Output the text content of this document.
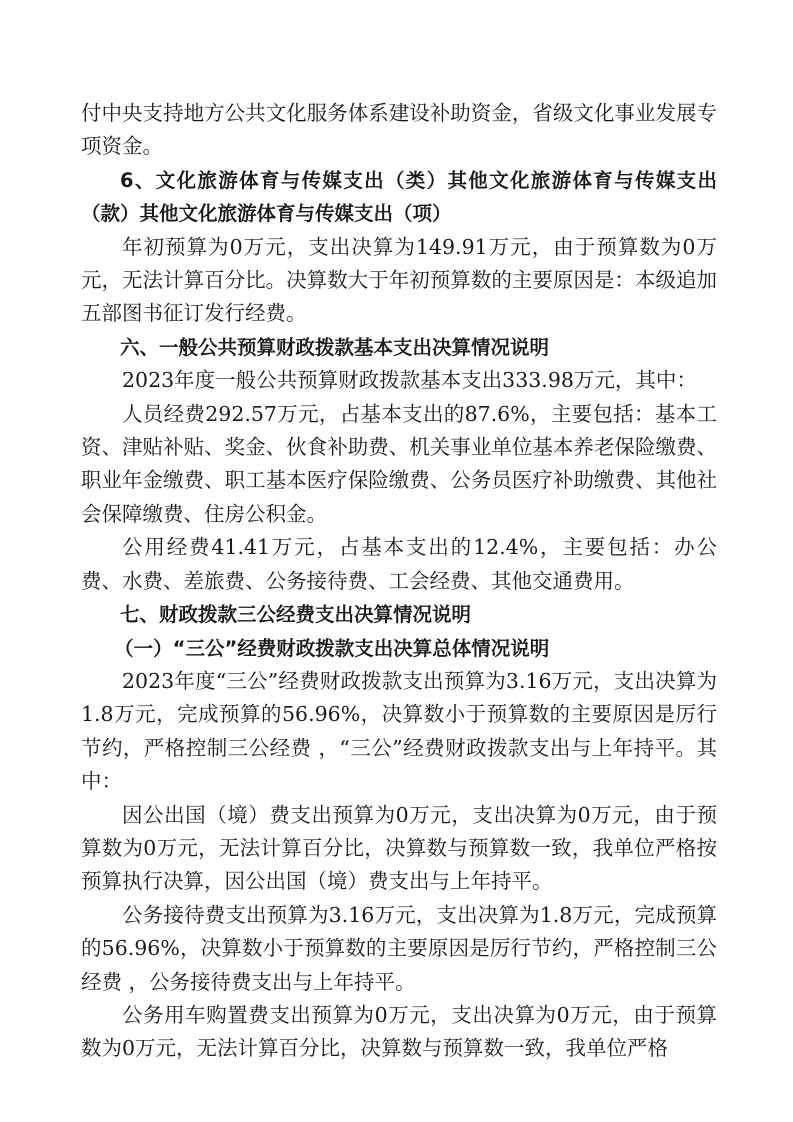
付中央支持地方公共文化服务体系建设补助资金，省级文化事业发展专项资金。

6、文化旅游体育与传媒支出（类）其他文化旅游体育与传媒支出（款）其他文化旅游体育与传媒支出（项）

年初预算为0万元，支出决算为149.91万元，由于预算数为0万元，无法计算百分比。决算数大于年初预算数的主要原因是：本级追加五部图书征订发行经费。

六、一般公共预算财政拨款基本支出决算情况说明

2023年度一般公共预算财政拨款基本支出333.98万元，其中：

人员经费292.57万元，占基本支出的87.6%，主要包括：基本工资、津贴补贴、奖金、伙食补助费、机关事业单位基本养老保险缴费、职业年金缴费、职工基本医疗保险缴费、公务员医疗补助缴费、其他社会保障缴费、住房公积金。

公用经费41.41万元，占基本支出的12.4%，主要包括：办公费、水费、差旅费、公务接待费、工会经费、其他交通费用。

七、财政拨款三公经费支出决算情况说明

（一）“三公”经费财政拨款支出决算总体情况说明

2023年度“三公”经费财政拨款支出预算为3.16万元，支出决算为1.8万元，完成预算的56.96%，决算数小于预算数的主要原因是厉行节约，严格控制三公经费 ，“三公”经费财政拨款支出与上年持平。其中：

因公出国（境）费支出预算为0万元，支出决算为0万元，由于预算数为0万元，无法计算百分比，决算数与预算数一致，我单位严格按预算执行决算，因公出国（境）费支出与上年持平。

公务接待费支出预算为3.16万元，支出决算为1.8万元，完成预算的56.96%，决算数小于预算数的主要原因是厉行节约，严格控制三公经费 ，公务接待费支出与上年持平。

公务用车购置费支出预算为0万元，支出决算为0万元，由于预算数为0万元，无法计算百分比，决算数与预算数一致，我单位严格
